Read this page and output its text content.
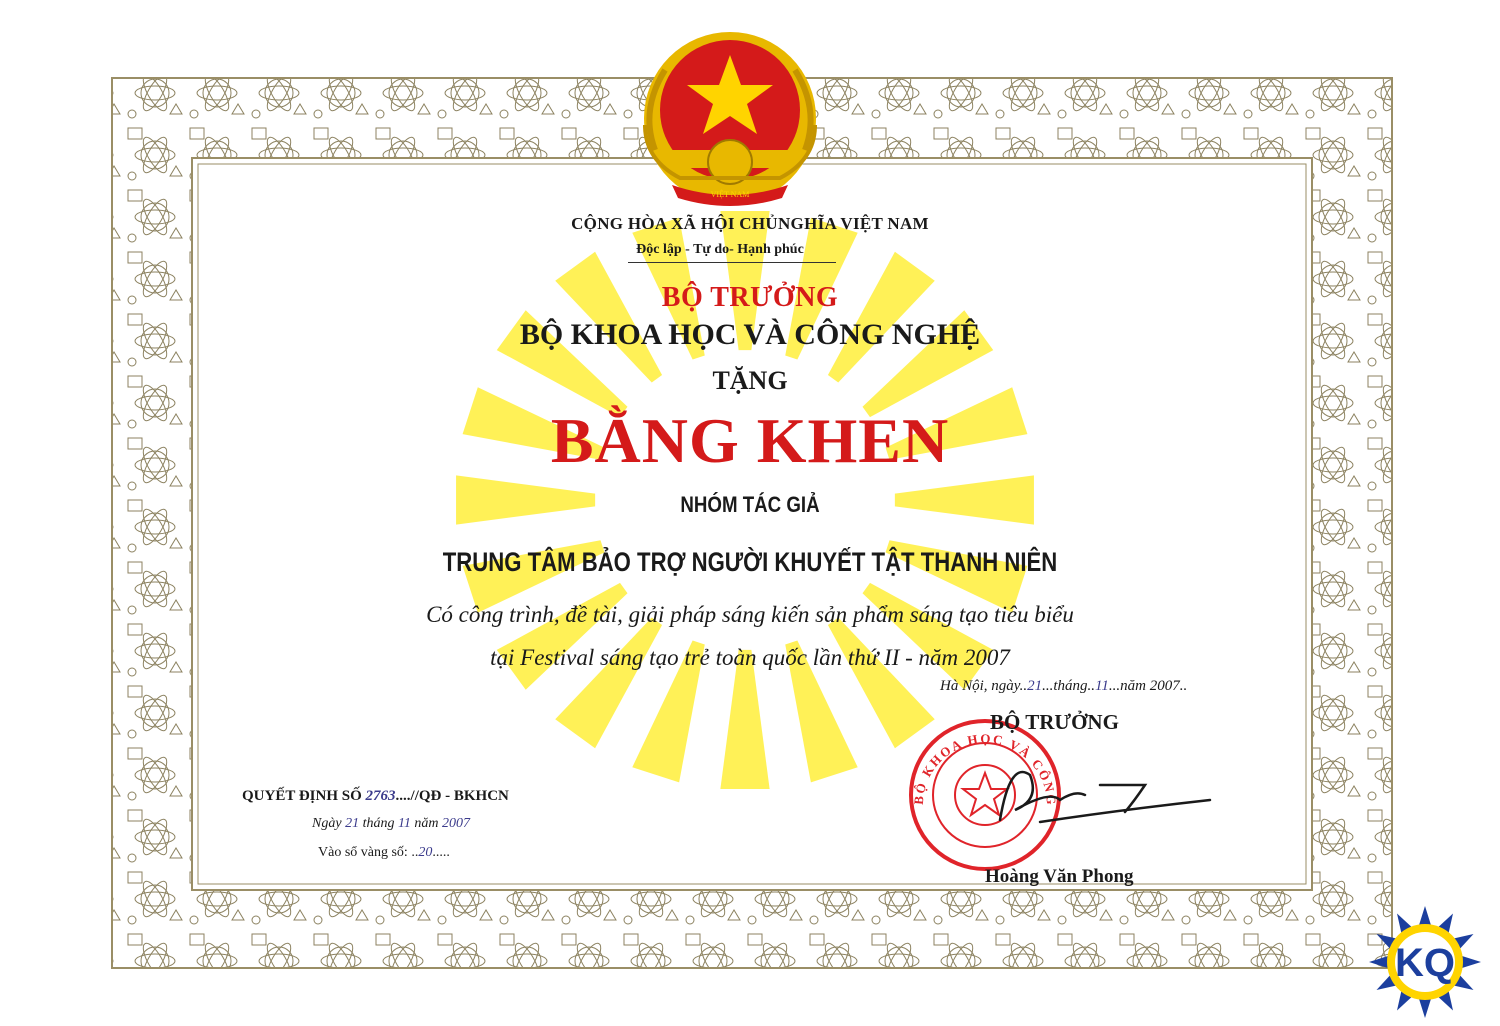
VIỆT NAM
BỘ KHOA HỌC VÀ CÔNG NGHỆ
KQ
CỘNG HÒA XÃ HỘI CHỦNGHĨA VIỆT NAM
Độc lập - Tự do- Hạnh phúc
BỘ TRƯỞNG
BỘ KHOA HỌC VÀ CÔNG NGHỆ
TẶNG
BẰNG KHEN
NHÓM TÁC GIẢ
TRUNG TÂM BẢO TRỢ NGƯỜI KHUYẾT TẬT THANH NIÊN
Có công trình, đề tài, giải pháp sáng kiến sản phẩm sáng tạo tiêu biểu
tại Festival sáng tạo trẻ toàn quốc lần thứ II - năm 2007
Hà Nội, ngày..21...tháng..11...năm 2007..
BỘ TRƯỞNG
Hoàng Văn Phong
QUYẾT ĐỊNH SỐ 2763....//QĐ - BKHCN
Ngày 21 tháng 11 năm 2007
Vào sổ vàng số: ..20.....
